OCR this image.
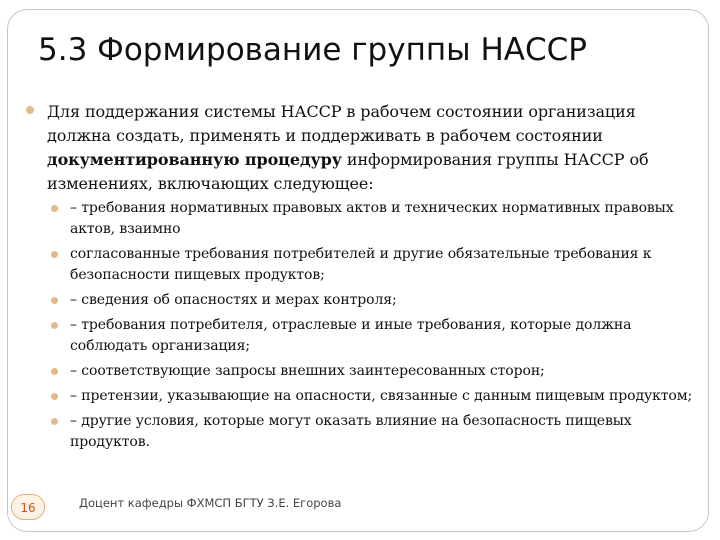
5.3 Формирование группы НАССР

Для поддержания системы НАССР в рабочем состоянии организация должна создать, применять и поддерживать в рабочем состоянии документированную процедуру информирования группы НАССР об изменениях, включающих следующее:

– требования нормативных правовых актов и технических нормативных правовых актов, взаимно
согласованные требования потребителей и другие обязательные требования к безопасности пищевых продуктов;
– сведения об опасностях и мерах контроля;
– требования потребителя, отраслевые и иные требования, которые должна соблюдать организация;
– соответствующие запросы внешних заинтересованных сторон;
– претензии, указывающие на опасности, связанные с данным пищевым продуктом;
– другие условия, которые могут оказать влияние на безопасность пищевых продуктов.
16	Доцент кафедры ФХМСП БГТУ З.Е. Егорова
